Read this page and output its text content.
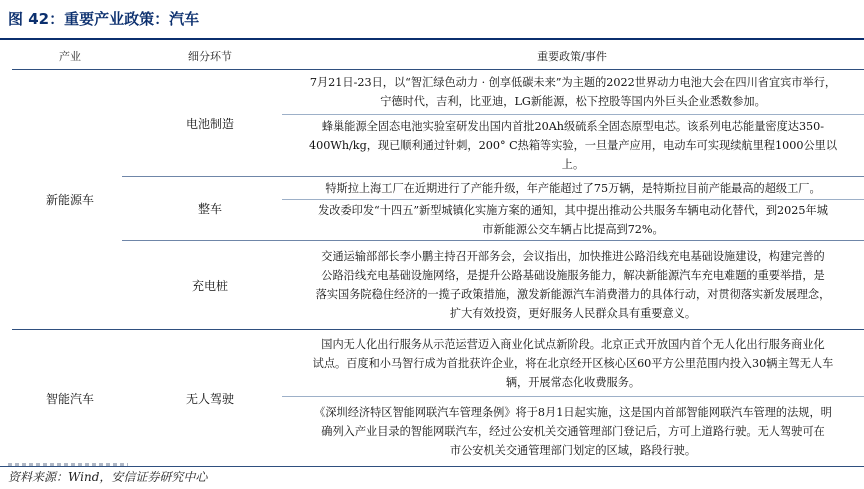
图 42：重要产业政策：汽车
产业	细分环节	重要政策/事件
新能源车
智能汽车
电池制造
整车
充电桩
无人驾驶
7月21日-23日，以“智汇绿色动力 · 创享低碳未来”为主题的2022世界动力电池大会在四川省宜宾市举行，
宁德时代，吉利，比亚迪，LG新能源，松下控股等国内外巨头企业悉数参加。
蜂巢能源全固态电池实验室研发出国内首批20Ah级硫系全固态原型电芯。该系列电芯能量密度达350-
400Wh/kg，现已顺利通过针刺，200° C热箱等实验，一旦量产应用，电动车可实现续航里程1000公里以
上。
特斯拉上海工厂在近期进行了产能升级，年产能超过了75万辆，是特斯拉目前产能最高的超级工厂。
发改委印发“十四五”新型城镇化实施方案的通知，其中提出推动公共服务车辆电动化替代，到2025年城
市新能源公交车辆占比提高到72%。
交通运输部部长李小鹏主持召开部务会，会议指出，加快推进公路沿线充电基础设施建设，构建完善的
公路沿线充电基础设施网络，是提升公路基础设施服务能力，解决新能源汽车充电难题的重要举措，是
落实国务院稳住经济的一揽子政策措施，激发新能源汽车消费潜力的具体行动，对贯彻落实新发展理念，
扩大有效投资，更好服务人民群众具有重要意义。
国内无人化出行服务从示范运营迈入商业化试点新阶段。北京正式开放国内首个无人化出行服务商业化
试点。百度和小马智行成为首批获许企业，将在北京经开区核心区60平方公里范围内投入30辆主驾无人车
辆，开展常态化收费服务。
《深圳经济特区智能网联汽车管理条例》将于8月1日起实施，这是国内首部智能网联汽车管理的法规，明
确列入产业目录的智能网联汽车，经过公安机关交通管理部门登记后，方可上道路行驶。无人驾驶可在
市公安机关交通管理部门划定的区域，路段行驶。
资料来源：Wind，安信证券研究中心
